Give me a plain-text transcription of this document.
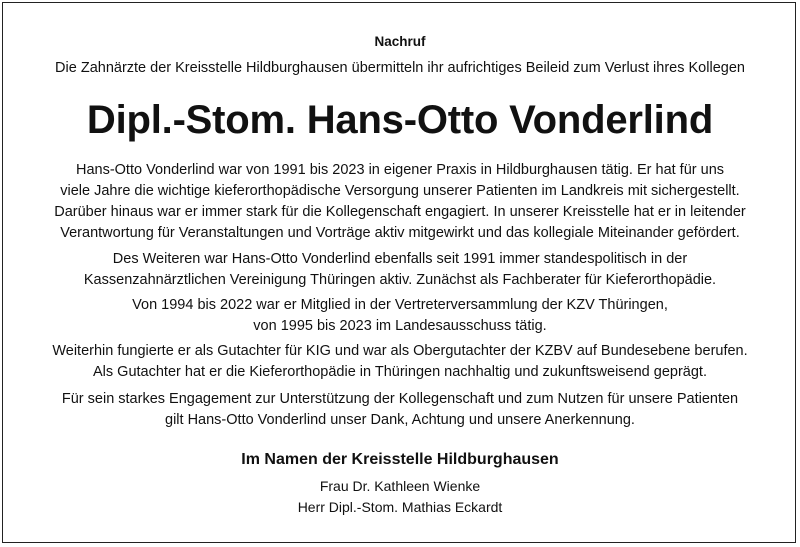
Nachruf
Die Zahnärzte der Kreisstelle Hildburghausen übermitteln ihr aufrichtiges Beileid zum Verlust ihres Kollegen
Dipl.-Stom. Hans-Otto Vonderlind
Hans-Otto Vonderlind war von 1991 bis 2023 in eigener Praxis in Hildburghausen tätig. Er hat für uns
viele Jahre die wichtige kieferorthopädische Versorgung unserer Patienten im Landkreis mit sichergestellt.
Darüber hinaus war er immer stark für die Kollegenschaft engagiert. In unserer Kreisstelle hat er in leitender
Verantwortung für Veranstaltungen und Vorträge aktiv mitgewirkt und das kollegiale Miteinander gefördert.
Des Weiteren war Hans-Otto Vonderlind ebenfalls seit 1991 immer standespolitisch in der
Kassenzahnärztlichen Vereinigung Thüringen aktiv. Zunächst als Fachberater für Kieferorthopädie.
Von 1994 bis 2022 war er Mitglied in der Vertreterversammlung der KZV Thüringen,
von 1995 bis 2023 im Landesausschuss tätig.
Weiterhin fungierte er als Gutachter für KIG und war als Obergutachter der KZBV auf Bundesebene berufen.
Als Gutachter hat er die Kieferorthopädie in Thüringen nachhaltig und zukunftsweisend geprägt.
Für sein starkes Engagement zur Unterstützung der Kollegenschaft und zum Nutzen für unsere Patienten
gilt Hans-Otto Vonderlind unser Dank, Achtung und unsere Anerkennung.
Im Namen der Kreisstelle Hildburghausen
Frau Dr. Kathleen Wienke
Herr Dipl.-Stom. Mathias Eckardt
